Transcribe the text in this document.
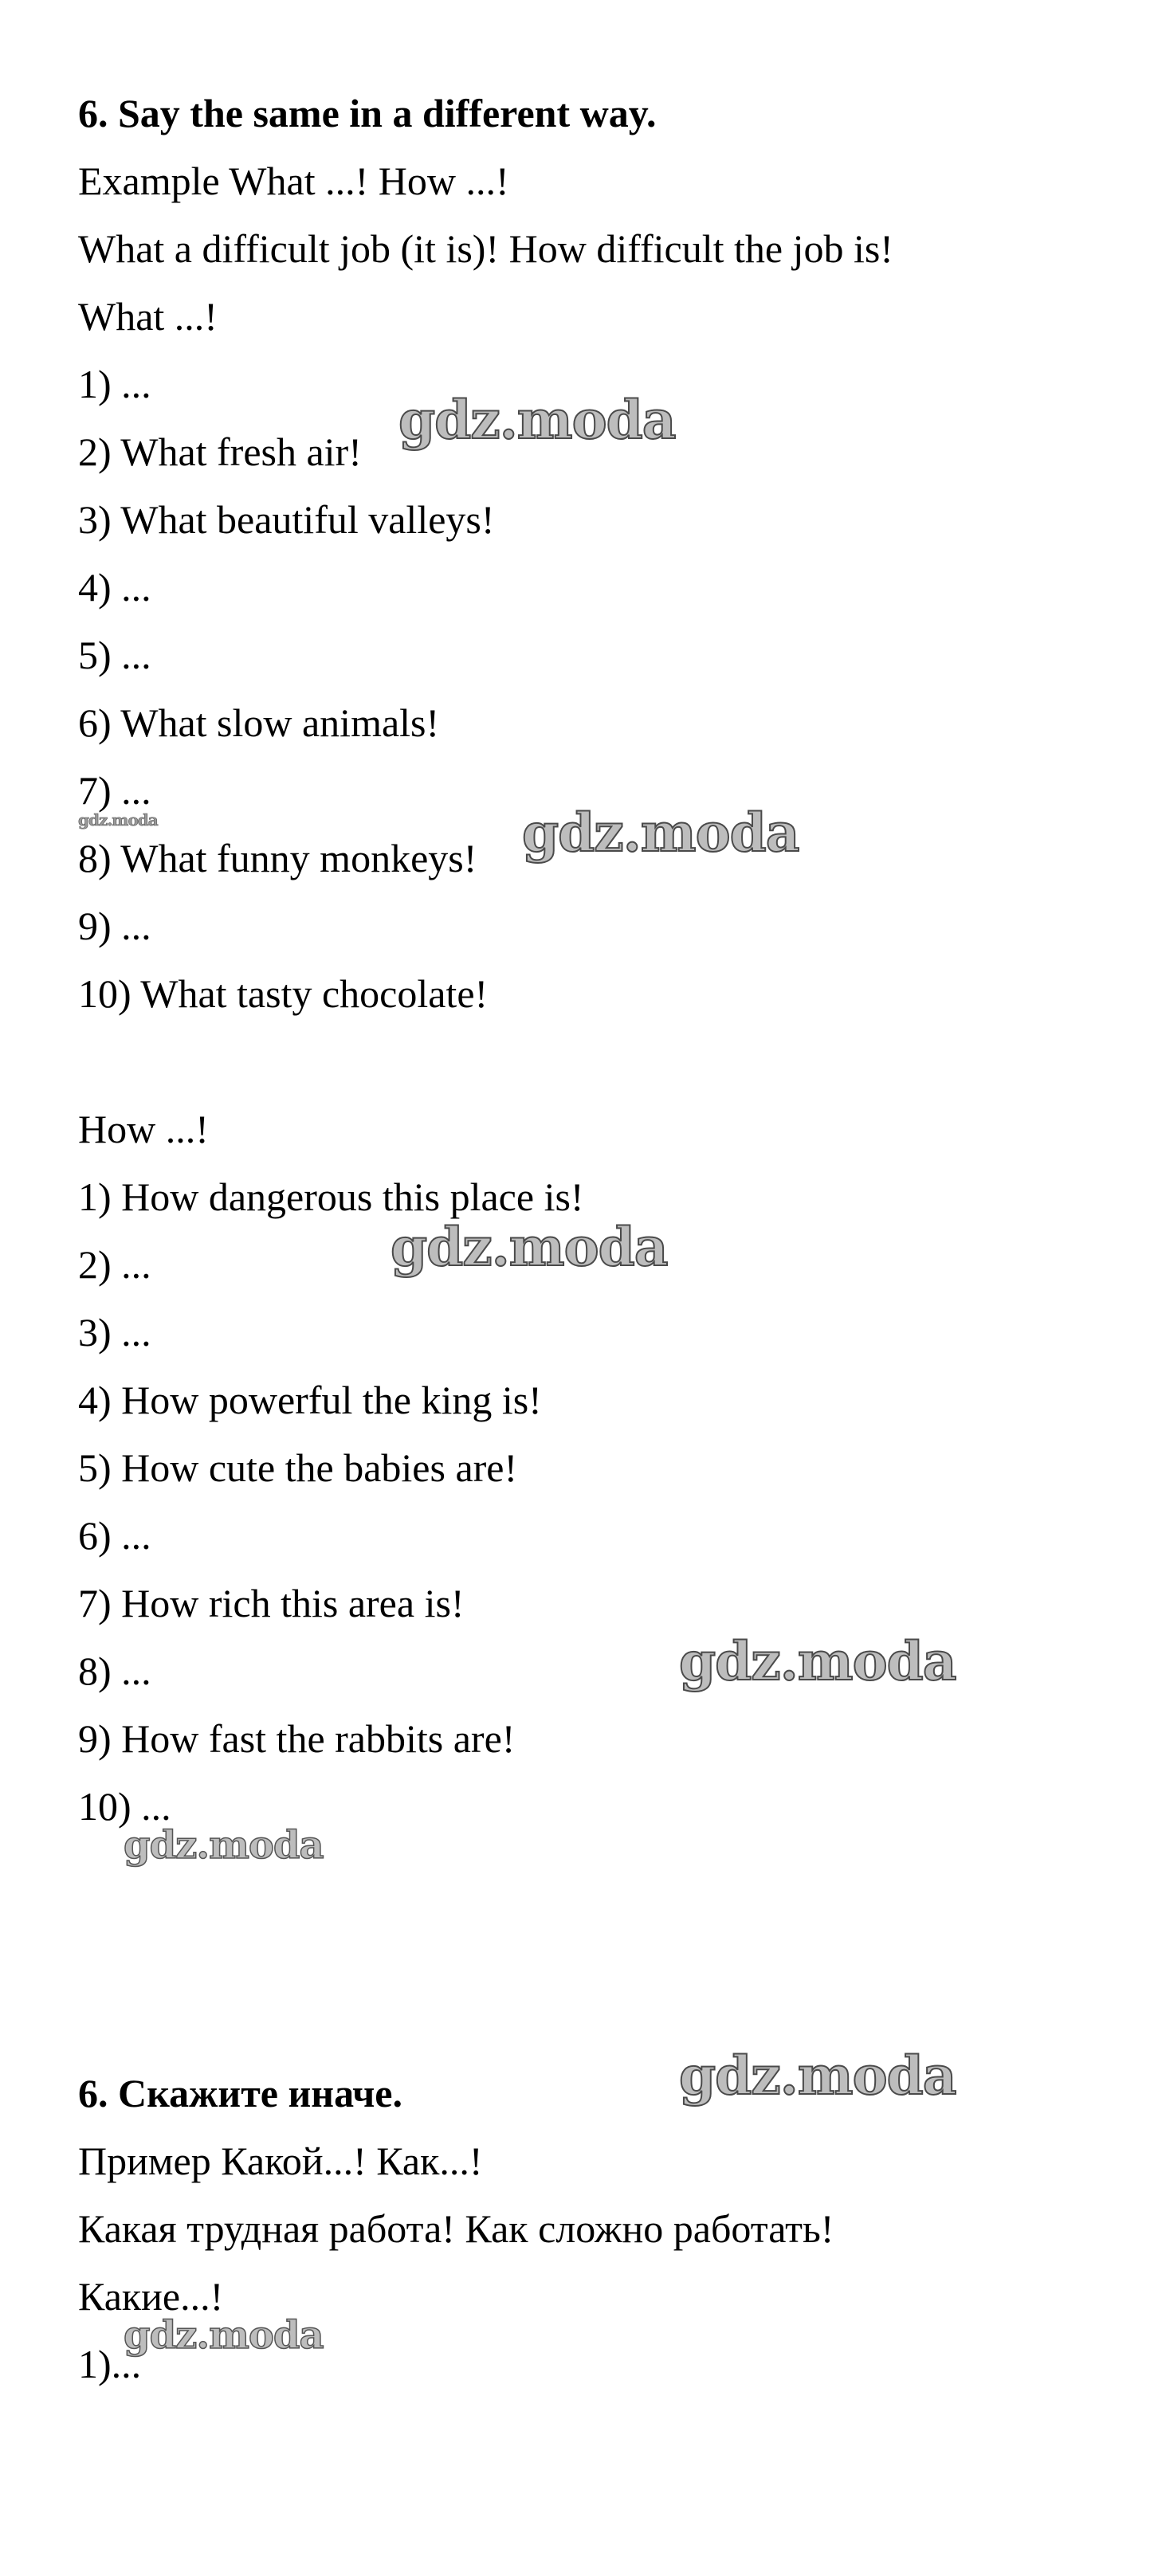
6. Say the same in a different way.
Example What ...! How ...!
What a difficult job (it is)! How difficult the job is!
What ...!
1) ...
2) What fresh air!
3) What beautiful valleys!
4) ...
5) ...
6) What slow animals!
7) ...
8) What funny monkeys!
9) ...
10) What tasty chocolate!
How ...!
1) How dangerous this place is!
2) ...
3) ...
4) How powerful the king is!
5) How cute the babies are!
6) ...
7) How rich this area is!
8) ...
9) How fast the rabbits are!
10) ...
6. Скажите иначе.
Пример Какой...! Как...!
Какая трудная работа! Как сложно работать!
Какие...!
1)...
gdz.moda
gdz.moda	gdz.moda
gdz.moda
gdz.moda
gdz.moda
gdz.moda
gdz.moda
